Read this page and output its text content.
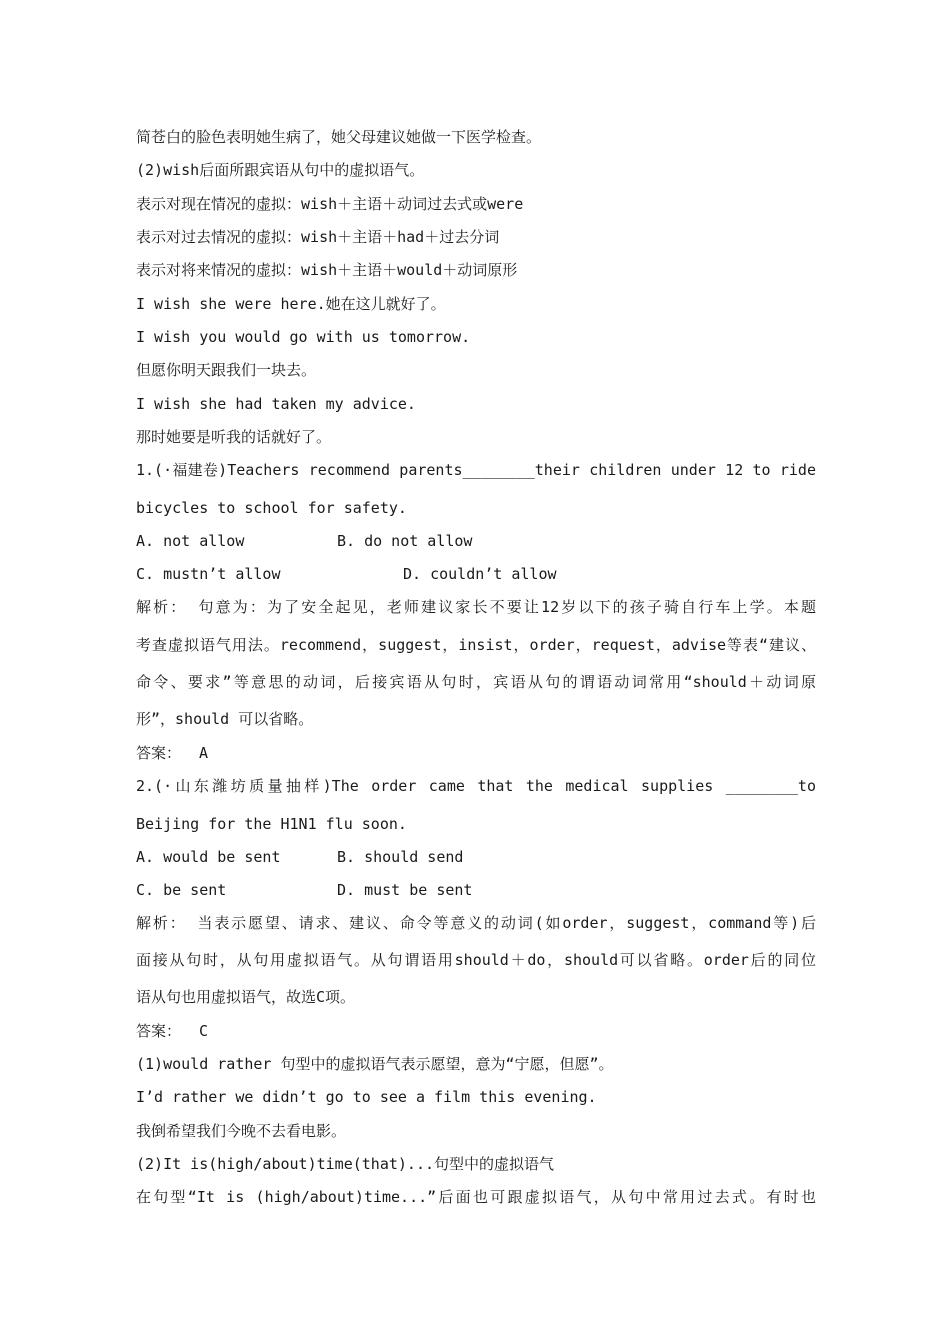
简苍白的脸色表明她生病了，她父母建议她做一下医学检查。
(2)wish后面所跟宾语从句中的虚拟语气。
表示对现在情况的虚拟：wish＋主语＋动词过去式或were
表示对过去情况的虚拟：wish＋主语＋had＋过去分词
表示对将来情况的虚拟：wish＋主语＋would＋动词原形
I wish she were here.她在这儿就好了。
I wish you would go with us tomorrow.
但愿你明天跟我们一块去。
I wish she had taken my advice.
那时她要是听我的话就好了。
1.(·福建卷)Teachers recommend parents________their children under 12 to ride
bicycles to school for safety.
A. not allow	B. do not allow
C. mustn’t allow	D. couldn’t allow
解析： 句意为：为了安全起见，老师建议家长不要让12岁以下的孩子骑自行车上学。本题
考查虚拟语气用法。recommend，suggest，insist，order，request，advise等表“建议、
命令、要求”等意思的动词，后接宾语从句时，宾语从句的谓语动词常用“should＋动词原
形”，should 可以省略。
答案：  A
2.(·山东潍坊质量抽样)The order came that the medical supplies ________to
Beijing for the H1N1 flu soon.
A. would be sent	B. should send
C. be sent	D. must be sent
解析： 当表示愿望、请求、建议、命令等意义的动词(如order，suggest，command等)后
面接从句时，从句用虚拟语气。从句谓语用should＋do，should可以省略。order后的同位
语从句也用虚拟语气，故选C项。
答案：  C
(1)would rather 句型中的虚拟语气表示愿望，意为“宁愿，但愿”。
I’d rather we didn’t go to see a film this evening.
我倒希望我们今晚不去看电影。
(2)It is(high/about)time(that)...句型中的虚拟语气
在句型“It is (high/about)time...”后面也可跟虚拟语气，从句中常用过去式。有时也
